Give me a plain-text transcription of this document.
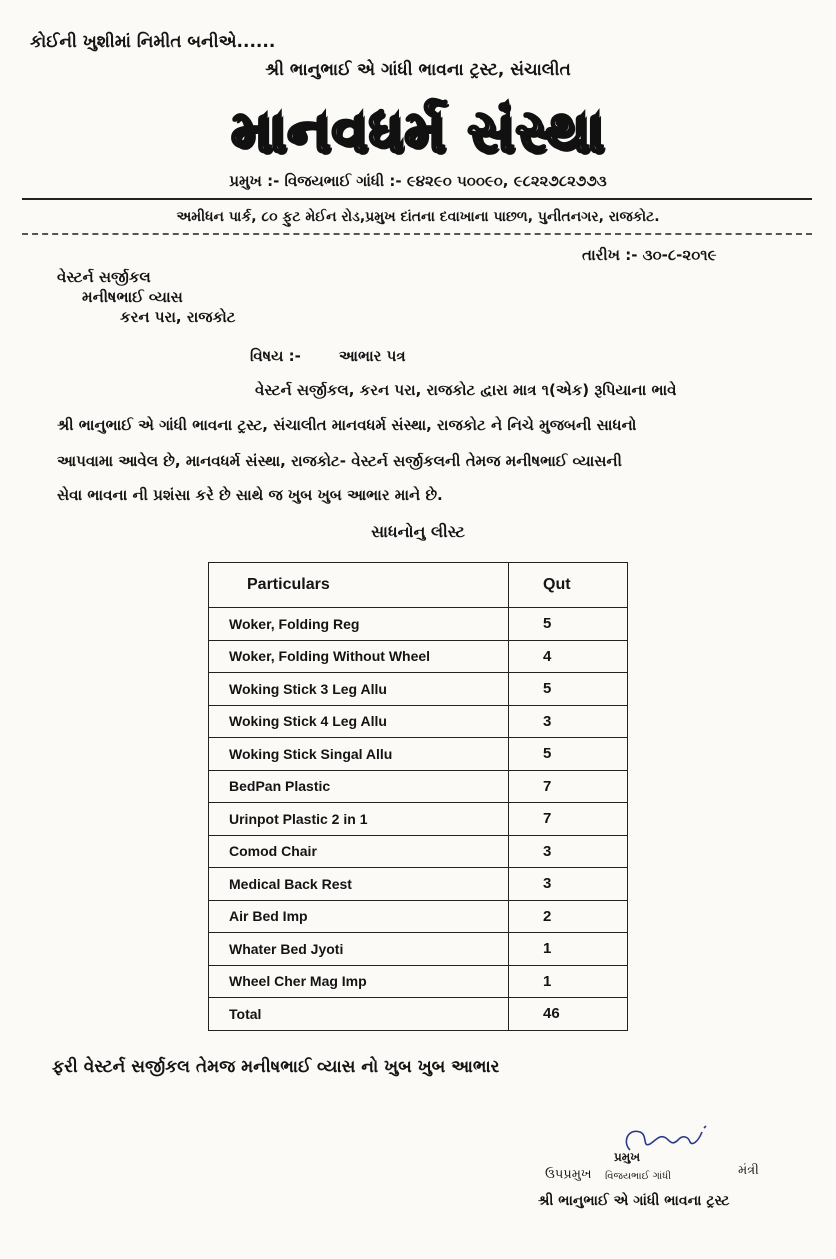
કોઈની ખુશીમાં નિમીત બનીએ......
શ્રી ભાનુભાઈ એ ગાંધી ભાવના ટ્રસ્ટ, સંચાલીત
માનવધર્મ સંસ્થા
પ્રમુખ :- વિજયભાઈ ગાંધી :- ૯૪૨૯૦ ૫૦૦૯૦, ૯૮૨૨૭૮૨૭૭૩
અમીધન પાર્ક, ૮૦ ફુટ મેઈન રોડ,પ્રમુખ દાંતના દવાખાના પાછળ, પુનીતનગર, રાજકોટ.
તારીખ :- ૩૦-૮-૨૦૧૯
વેસ્ટર્ન સર્જીકલ
મનીષભાઈ વ્યાસ
કરન પરા, રાજકોટ
વિષય :-	આભાર પત્ર
વેસ્ટર્ન સર્જીકલ, કરન પરા, રાજકોટ દ્વારા માત્ર ૧(એક) રૂપિયાના ભાવે
શ્રી ભાનુભાઈ એ ગાંધી ભાવના ટ્રસ્ટ, સંચાલીત માનવધર્મ સંસ્થા, રાજકોટ ને નિચે મુજબની સાધનો
આપવામા આવેલ છે, માનવધર્મ સંસ્થા, રાજકોટ- વેસ્ટર્ન સર્જીકલની તેમજ મનીષભાઈ વ્યાસની
સેવા ભાવના ની પ્રશંસા કરે છે સાથે જ ખુબ ખુબ આભાર માને છે.
સાધનોનુ લીસ્ટ
Particulars	Qut
Woker, Folding Reg	5
Woker, Folding Without Wheel	4
Woking Stick 3 Leg Allu	5
Woking Stick 4 Leg Allu	3
Woking Stick Singal Allu	5
BedPan Plastic	7
Urinpot Plastic 2 in 1	7
Comod Chair	3
Medical Back Rest	3
Air Bed Imp	2
Whater Bed Jyoti	1
Wheel Cher Mag Imp	1
Total	46
ફરી વેસ્ટર્ન સર્જીકલ તેમજ મનીષભાઈ વ્યાસ નો ખુબ ખુબ આભાર
પ્રમુખ
ઉપપ્રમુખ વિજયભાઈ ગાંધી	મંત્રી
શ્રી ભાનુભાઈ એ ગાંધી ભાવના ટ્રસ્ટ
